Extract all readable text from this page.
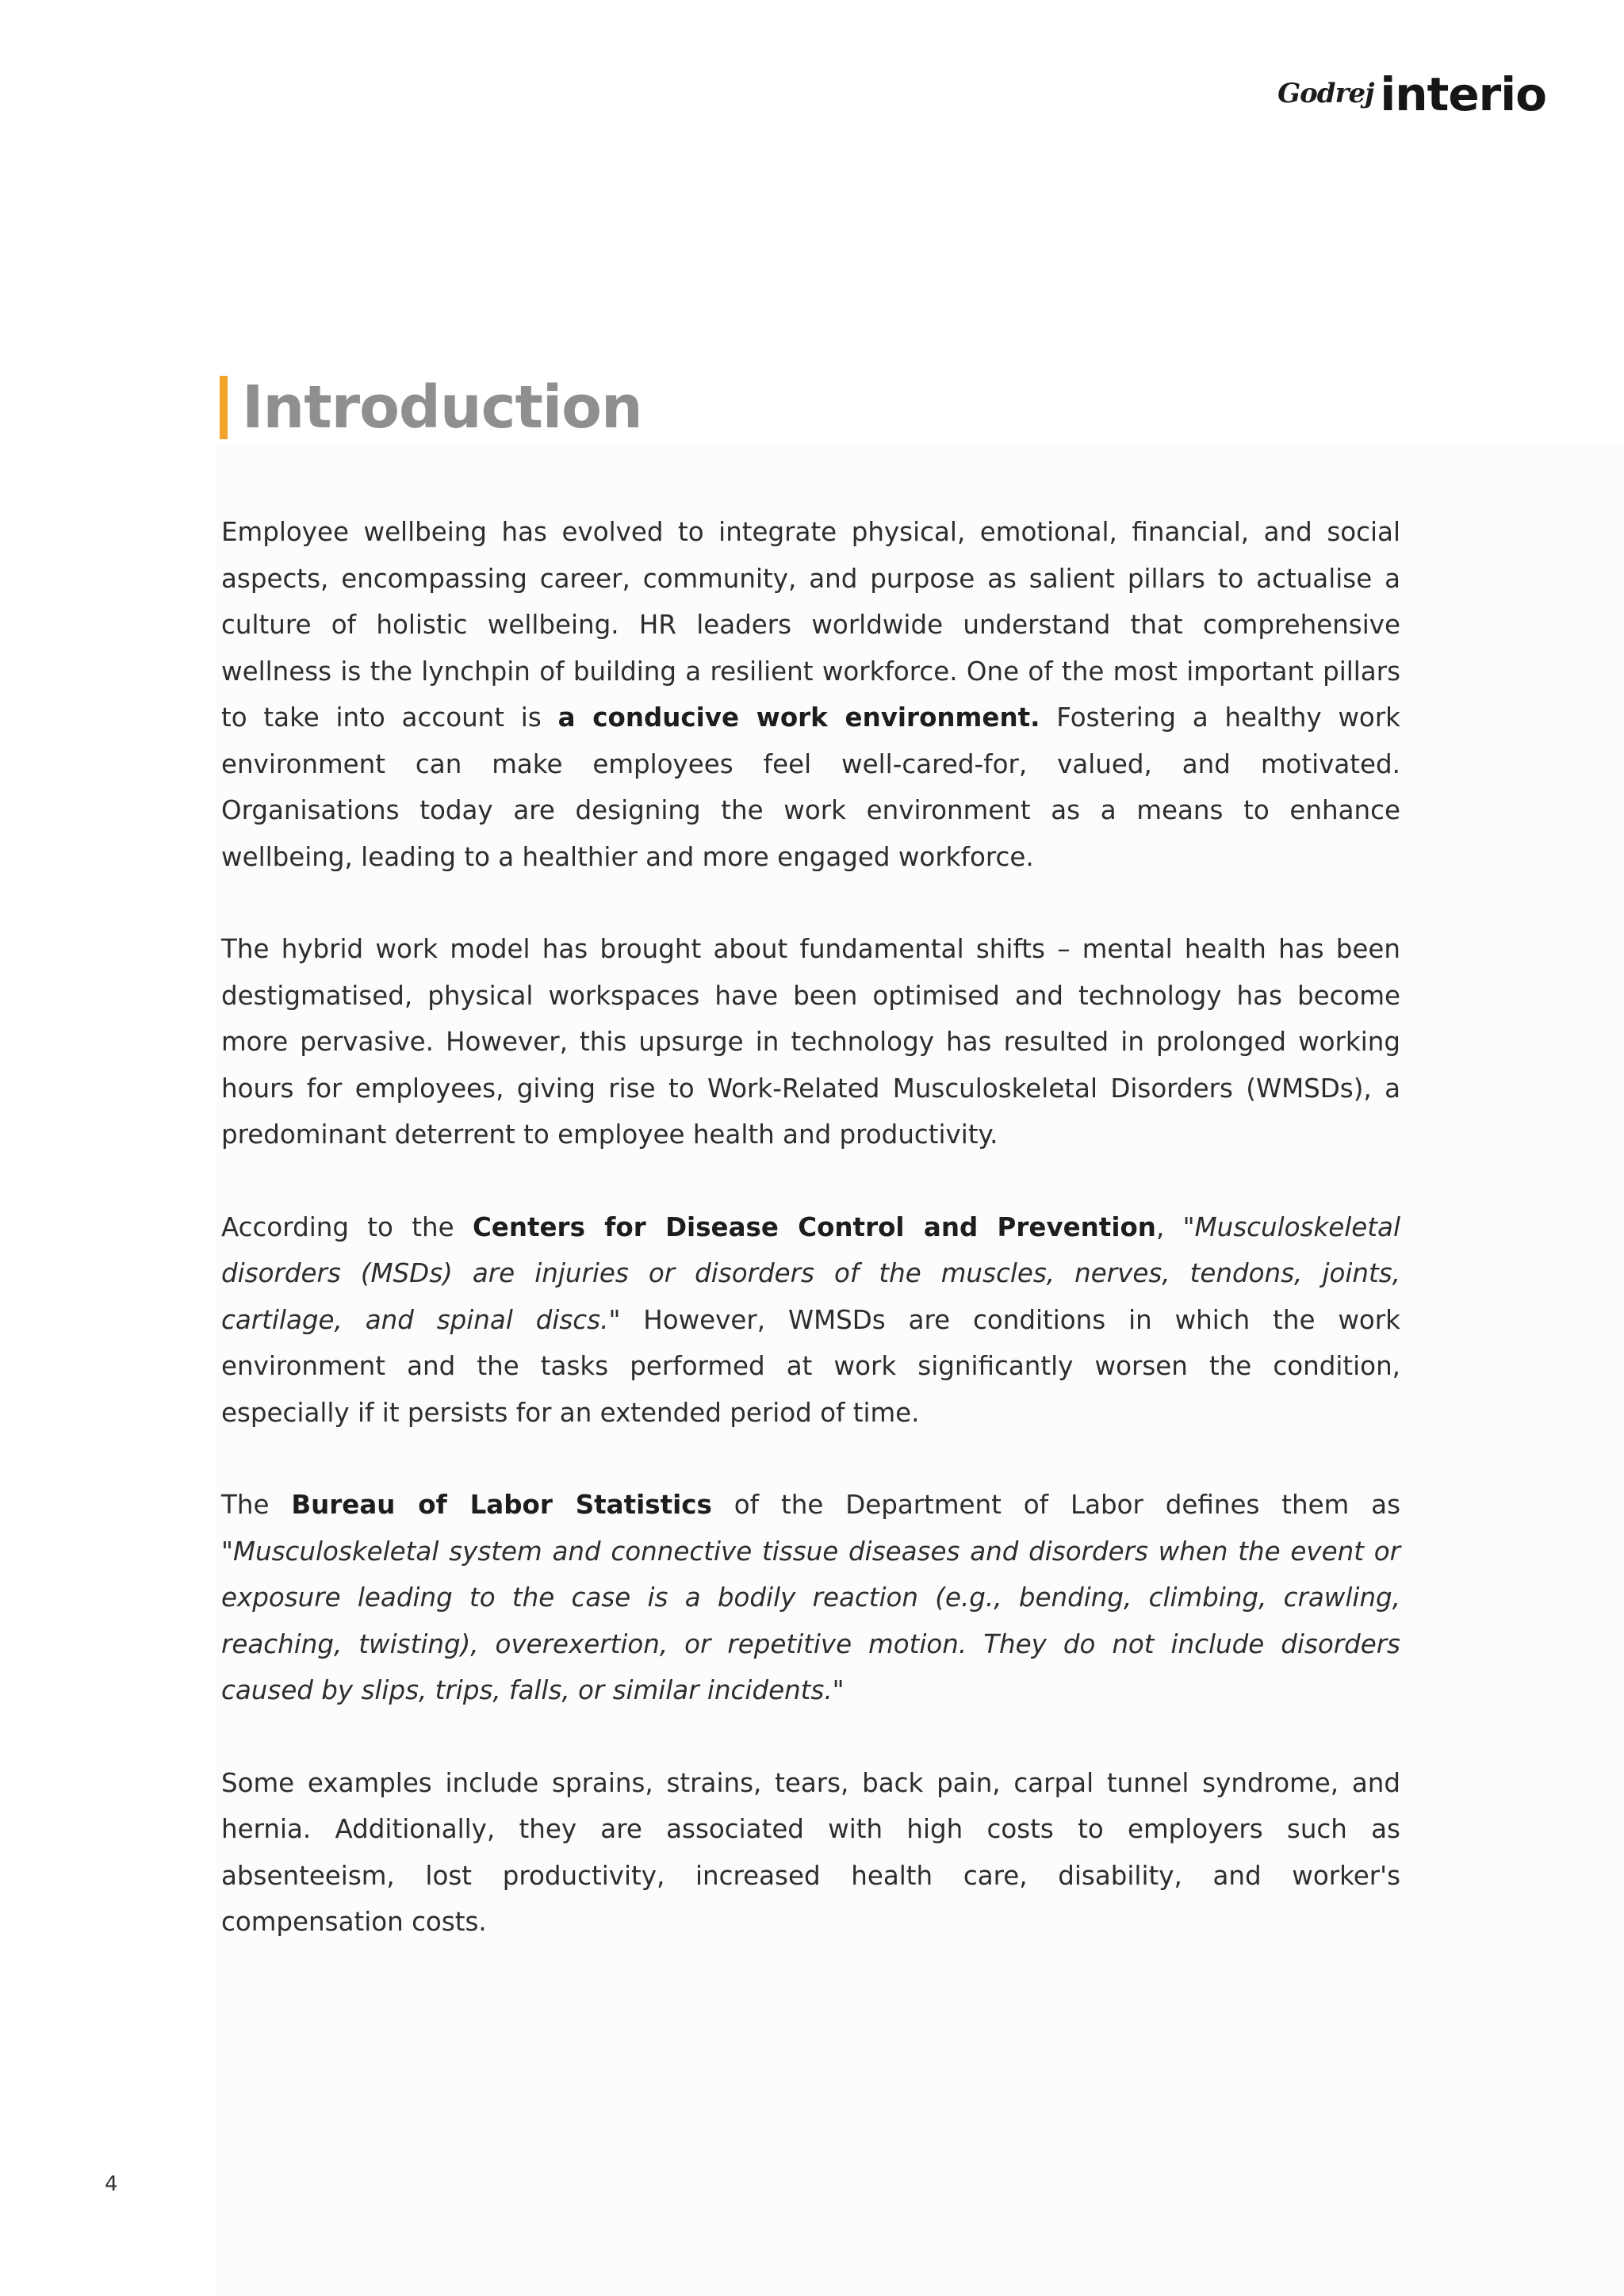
Godrej interio
Introduction

Employee wellbeing has evolved to integrate physical, emotional, financial, and social aspects, encompassing career, community, and purpose as salient pillars to actualise a culture of holistic wellbeing. HR leaders worldwide understand that comprehensive wellness is the lynchpin of building a resilient workforce. One of the most important pillars to take into account is a conducive work environment. Fostering a healthy work environment can make employees feel well-cared-for, valued, and motivated. Organisations today are designing the work environment as a means to enhance wellbeing, leading to a healthier and more engaged workforce.

The hybrid work model has brought about fundamental shifts – mental health has been destigmatised, physical workspaces have been optimised and technology has become more pervasive. However, this upsurge in technology has resulted in prolonged working hours for employees, giving rise to Work-Related Musculoskeletal Disorders (WMSDs), a predominant deterrent to employee health and productivity.

According to the Centers for Disease Control and Prevention, "Musculoskeletal disorders (MSDs) are injuries or disorders of the muscles, nerves, tendons, joints, cartilage, and spinal discs." However, WMSDs are conditions in which the work environment and the tasks performed at work significantly worsen the condition, especially if it persists for an extended period of time.

The Bureau of Labor Statistics of the Department of Labor defines them as "Musculoskeletal system and connective tissue diseases and disorders when the event or exposure leading to the case is a bodily reaction (e.g., bending, climbing, crawling, reaching, twisting), overexertion, or repetitive motion. They do not include disorders caused by slips, trips, falls, or similar incidents."

Some examples include sprains, strains, tears, back pain, carpal tunnel syndrome, and hernia. Additionally, they are associated with high costs to employers such as absenteeism, lost productivity, increased health care, disability, and worker's compensation costs.

4
